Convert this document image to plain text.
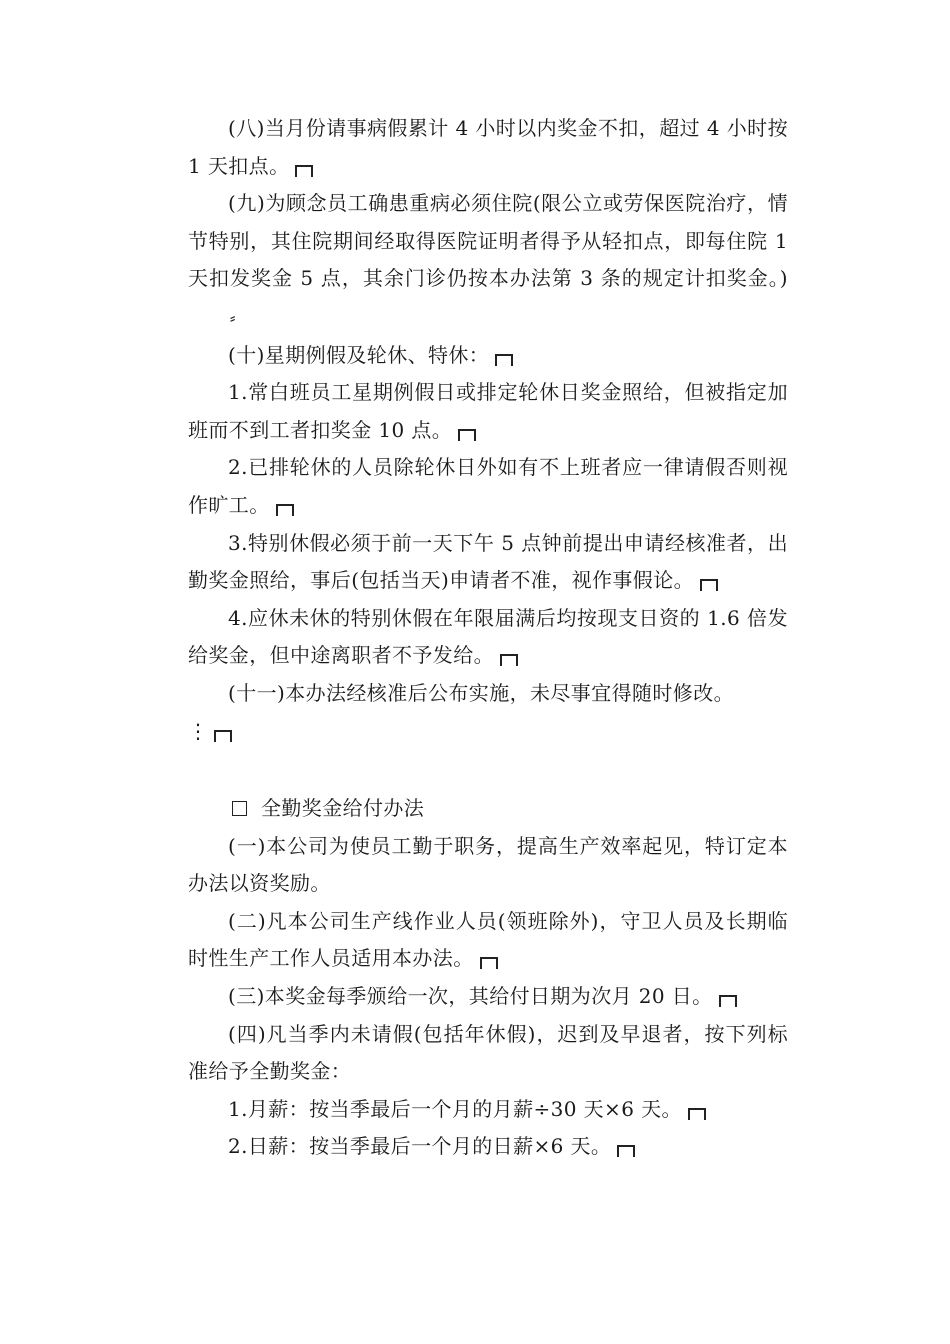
(八)当月份请事病假累计 4 小时以内奖金不扣，超过 4 小时按 1 天扣点。

(九)为顾念员工确患重病必须住院(限公立或劳保医院治疗，情节特别，其住院期间经取得医院证明者得予从轻扣点，即每住院 1 天扣发奖金 5 点，其余门诊仍按本办法第 3 条的规定计扣奖金。)⸗

(十)星期例假及轮休、特休：

1.常白班员工星期例假日或排定轮休日奖金照给，但被指定加班而不到工者扣奖金 10 点。

2.已排轮休的人员除轮休日外如有不上班者应一律请假否则视作旷工。

3.特别休假必须于前一天下午 5 点钟前提出申请经核准者，出勤奖金照给，事后(包括当天)申请者不准，视作事假论。

4.应休未休的特别休假在年限届满后均按现支日资的 1.6 倍发给奖金，但中途离职者不予发给。

(十一)本办法经核准后公布实施，未尽事宜得随时修改。

⋮

全勤奖金给付办法

(一)本公司为使员工勤于职务，提高生产效率起见，特订定本办法以资奖励。

(二)凡本公司生产线作业人员(领班除外)，守卫人员及长期临时性生产工作人员适用本办法。

(三)本奖金每季颁给一次，其给付日期为次月 20 日。

(四)凡当季内未请假(包括年休假)，迟到及早退者，按下列标准给予全勤奖金：

1.月薪：按当季最后一个月的月薪÷30 天×6 天。

2.日薪：按当季最后一个月的日薪×6 天。
